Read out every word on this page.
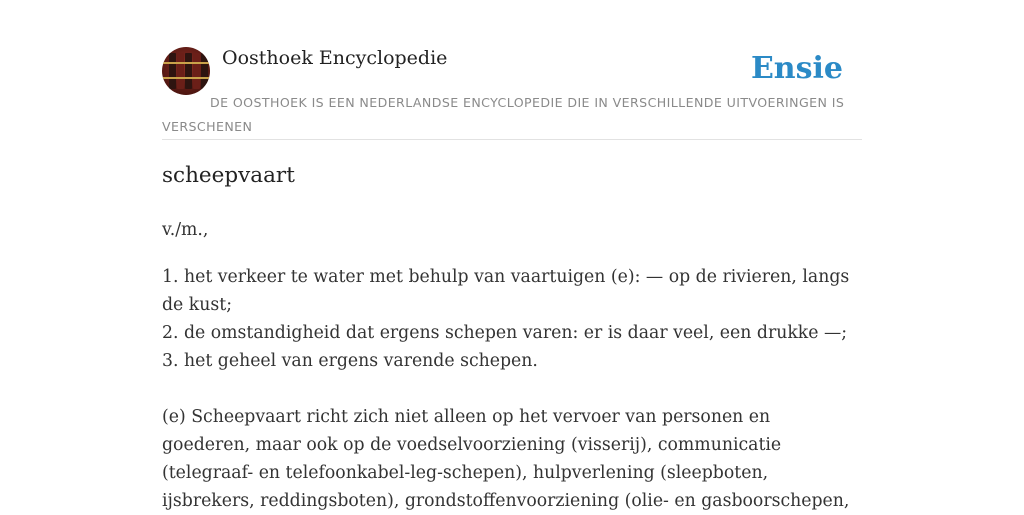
Oosthoek Encyclopedie	Ensie
DE OOSTHOEK IS EEN NEDERLANDSE ENCYCLOPEDIE DIE IN VERSCHILLENDE UITVOERINGEN IS VERSCHENEN
scheepvaart

v./m.,

1. het verkeer te water met behulp van vaartuigen (e): — op de rivieren, langs de kust;

2. de omstandigheid dat ergens schepen varen: er is daar veel, een drukke —;

3. het geheel van ergens varende schepen.

(e) Scheepvaart richt zich niet alleen op het vervoer van personen en goederen, maar ook op de voedselvoorziening (visserij), communicatie (telegraaf- en telefoonkabel-leg-schepen), hulpverlening (sleepboten, ijsbrekers, reddingsboten), grondstoffenvoorziening (olie- en gasboorschepen,
